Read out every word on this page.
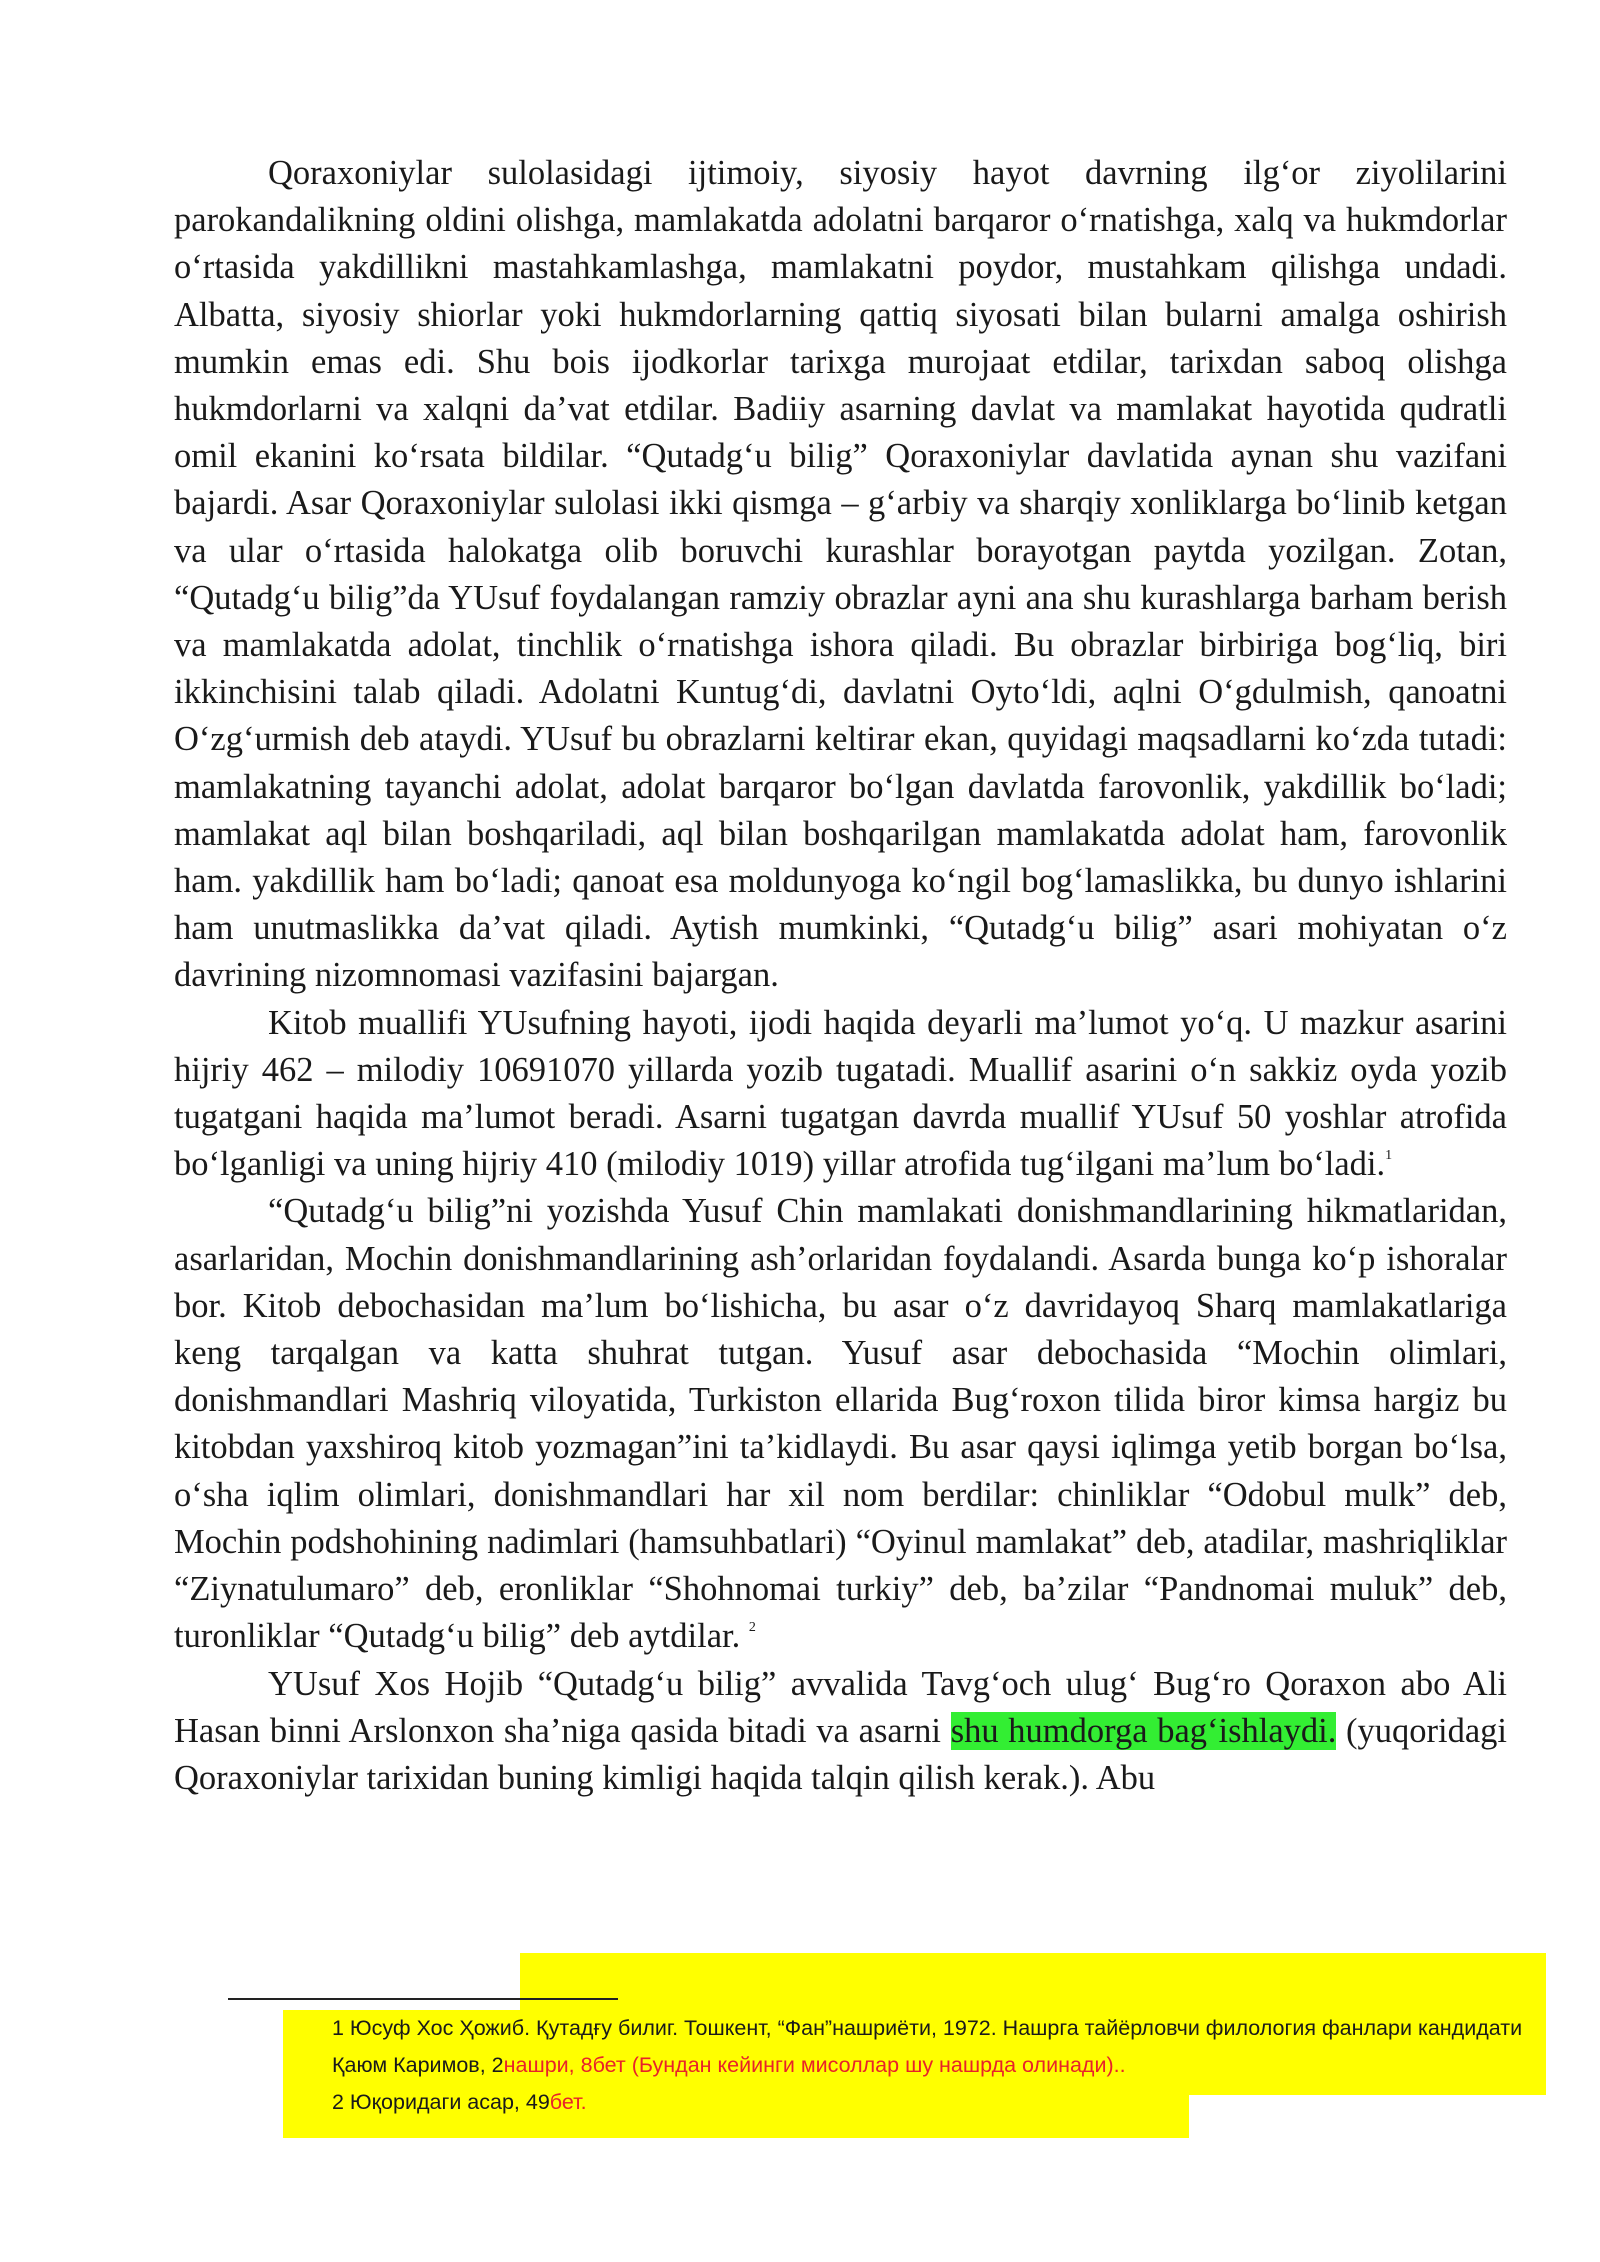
Qoraxoniylar sulolasidagi ijtimoiy, siyosiy hayot davrning ilg‘or ziyolilarini parokandalikning oldini olishga, mamlakatda adolatni barqaror o‘rnatishga, xalq va hukmdorlar o‘rtasida yakdillikni mastahkamlashga, mamlakatni poydor, mustahkam qilishga undadi. Albatta, siyosiy shiorlar yoki hukmdorlarning qattiq siyosati bilan bularni amalga oshirish mumkin emas edi. Shu bois ijodkorlar tarixga murojaat etdilar, tarixdan saboq olishga hukmdorlarni va xalqni da’vat etdilar. Badiiy asarning davlat va mamlakat hayotida qudratli omil ekanini ko‘rsata bildilar. “Qutadg‘u bilig” Qoraxoniylar davlatida aynan shu vazifani bajardi. Asar Qoraxoniylar sulolasi ikki qismga – g‘arbiy va sharqiy xonliklarga bo‘linib ketgan va ular o‘rtasida halokatga olib boruvchi kurashlar borayotgan paytda yozilgan. Zotan, “Qutadg‘u bilig”da YUsuf foydalangan ramziy obrazlar ayni ana shu kurashlarga barham berish va mamlakatda adolat, tinchlik o‘rnatishga ishora qiladi. Bu obrazlar birbiriga bog‘liq, biri ikkinchisini talab qiladi. Adolatni Kuntug‘di, davlatni Oyto‘ldi, aqlni O‘gdulmish, qanoatni O‘zg‘urmish deb ataydi. YUsuf bu obrazlarni keltirar ekan, quyidagi maqsadlarni ko‘zda tutadi: mamlakatning tayanchi adolat, adolat barqaror bo‘lgan davlatda farovonlik, yakdillik bo‘ladi; mamlakat aql bilan boshqariladi, aql bilan boshqarilgan mamlakatda adolat ham, farovonlik ham. yakdillik ham bo‘ladi; qanoat esa moldunyoga ko‘ngil bog‘lamaslikka, bu dunyo ishlarini ham unutmaslikka da’vat qiladi. Aytish mumkinki, “Qutadg‘u bilig” asari mohiyatan o‘z davrining nizomnomasi vazifasini bajargan.

Kitob muallifi YUsufning hayoti, ijodi haqida deyarli ma’lumot yo‘q. U mazkur asarini hijriy 462 – milodiy 10691070 yillarda yozib tugatadi. Muallif asarini o‘n sakkiz oyda yozib tugatgani haqida ma’lumot beradi. Asarni tugatgan davrda muallif YUsuf 50 yoshlar atrofida bo‘lganligi va uning hijriy 410 (milodiy 1019) yillar atrofida tug‘ilgani ma’lum bo‘ladi.$^1$

“Qutadg‘u bilig”ni yozishda Yusuf Chin mamlakati donishmandlarining hikmatlaridan, asarlaridan, Mochin donishmandlarining ash’orlaridan foydalandi. Asarda bunga ko‘p ishoralar bor. Kitob debochasidan ma’lum bo‘lishicha, bu asar o‘z davridayoq Sharq mamlakatlariga keng tarqalgan va katta shuhrat tutgan. Yusuf asar debochasida “Mochin olimlari, donishmandlari Mashriq viloyatida, Turkiston ellarida Bug‘roxon tilida biror kimsa hargiz bu kitobdan yaxshiroq kitob yozmagan”ini ta’kidlaydi. Bu asar qaysi iqlimga yetib borgan bo‘lsa, o‘sha iqlim olimlari, donishmandlari har xil nom berdilar: chinliklar “Odobul mulk” deb, Mochin podshohining nadimlari (hamsuhbatlari) “Oyinul mamlakat” deb, atadilar, mashriqliklar “Ziynatulumaro” deb, eronliklar “Shohnomai turkiy” deb, ba’zilar “Pandnomai muluk” deb, turonliklar “Qutadg‘u bilig” deb aytdilar. $^2$

YUsuf Xos Hojib “Qutadg‘u bilig” avvalida Tavg‘och ulug‘ Bug‘ro Qoraxon abo Ali Hasan binni Arslonxon sha’niga qasida bitadi va asarni shu humdorga bag‘ishlaydi. (yuqoridagi Qoraxoniylar tarixidan buning kimligi haqida talqin qilish kerak.). Abu

1 Юсуф Хос Ҳожиб. Қутадғу билиг. Тошкент, “Фан”нашриёти, 1972. Нашрга тайёрловчи филология фанлари кандидати Қаюм Каримов, 2нашри, 8бет (Бундан кейинги мисоллар шу нашрда олинади)..

2 Юқоридаги асар, 49бет.
